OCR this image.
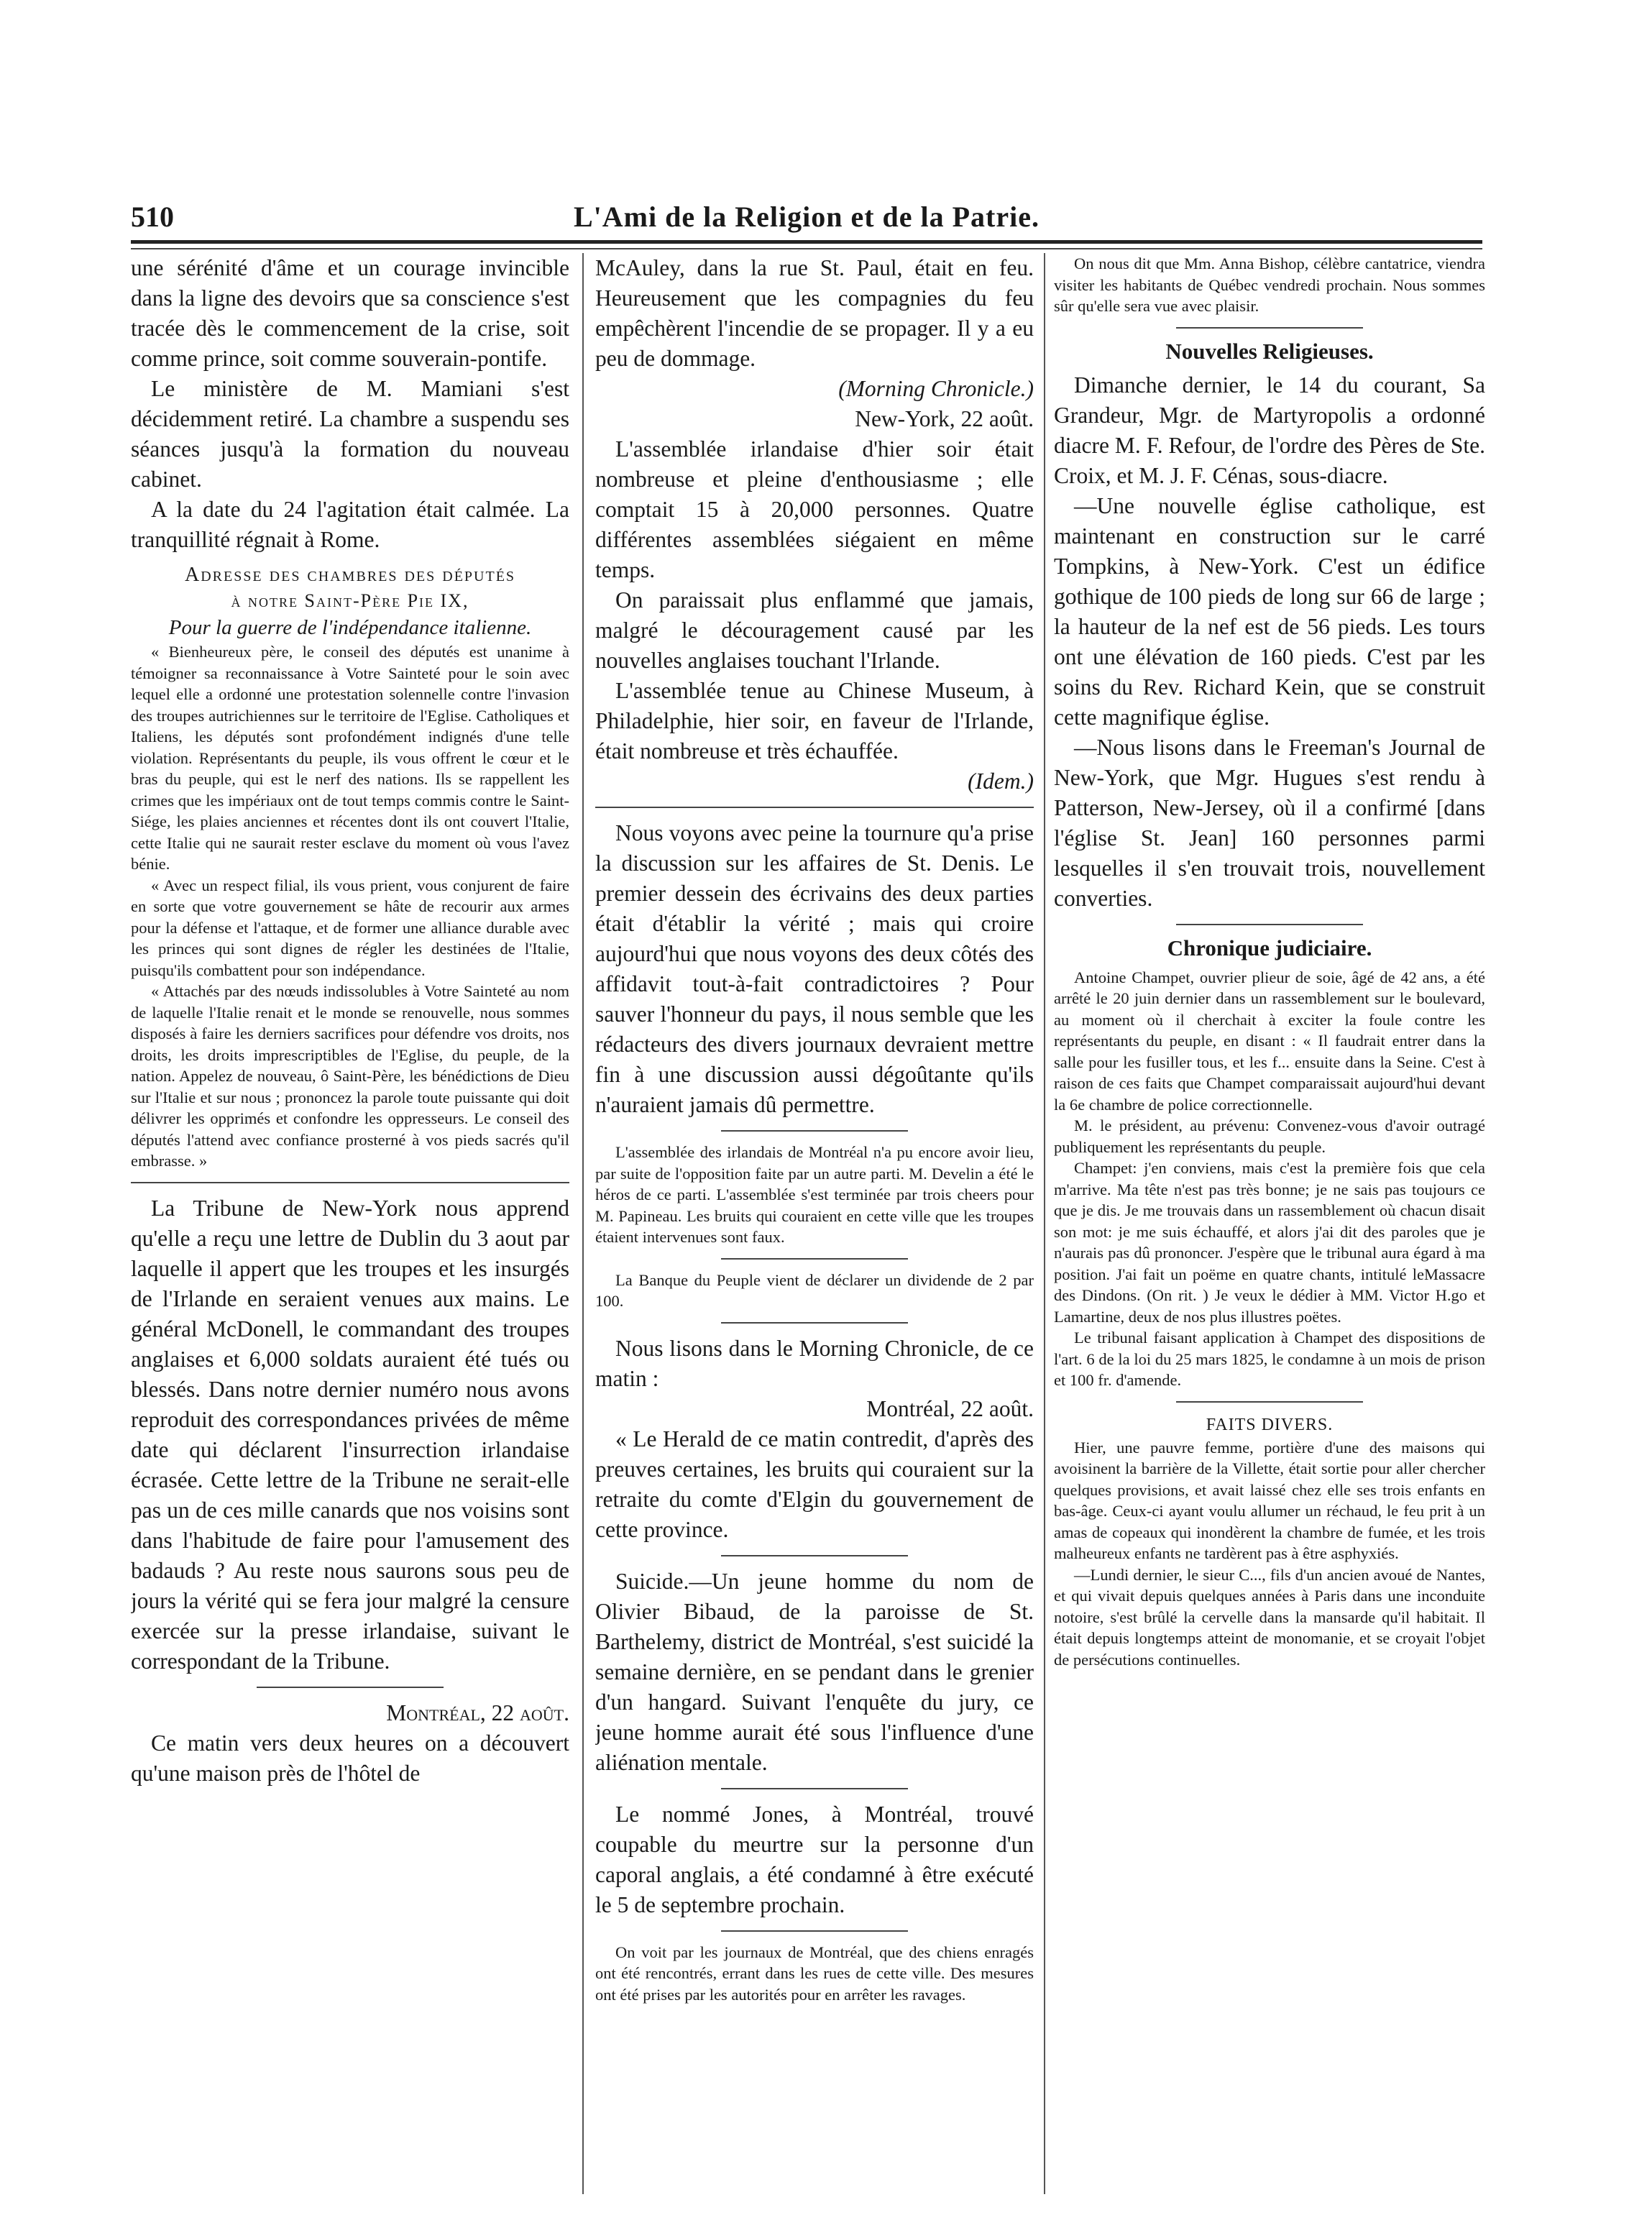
510	L'Ami de la Religion et de la Patrie.

une sérénité d'âme et un courage invincible dans la ligne des devoirs que sa conscience s'est tracée dès le commencement de la crise, soit comme prince, soit comme souverain-pontife.

Le ministère de M. Mamiani s'est décidemment retiré. La chambre a suspendu ses séances jusqu'à la formation du nouveau cabinet.

A la date du 24 l'agitation était calmée. La tranquillité régnait à Rome.

Adresse des chambres des députés

à notre Saint-Père Pie IX,

Pour la guerre de l'indépendance italienne.

« Bienheureux père, le conseil des députés est unanime à témoigner sa reconnaissance à Votre Sainteté pour le soin avec lequel elle a ordonné une protestation solennelle contre l'invasion des troupes autrichiennes sur le territoire de l'Eglise. Catholiques et Italiens, les députés sont profondément indignés d'une telle violation. Représentants du peuple, ils vous offrent le cœur et le bras du peuple, qui est le nerf des nations. Ils se rappellent les crimes que les impériaux ont de tout temps commis contre le Saint-Siége, les plaies anciennes et récentes dont ils ont couvert l'Italie, cette Italie qui ne saurait rester esclave du moment où vous l'avez bénie.

« Avec un respect filial, ils vous prient, vous conjurent de faire en sorte que votre gouvernement se hâte de recourir aux armes pour la défense et l'attaque, et de former une alliance durable avec les princes qui sont dignes de régler les destinées de l'Italie, puisqu'ils combattent pour son indépendance.

« Attachés par des nœuds indissolubles à Votre Sainteté au nom de laquelle l'Italie renait et le monde se renouvelle, nous sommes disposés à faire les derniers sacrifices pour défendre vos droits, nos droits, les droits imprescriptibles de l'Eglise, du peuple, de la nation. Appelez de nouveau, ô Saint-Père, les bénédictions de Dieu sur l'Italie et sur nous ; prononcez la parole toute puissante qui doit délivrer les opprimés et confondre les oppresseurs. Le conseil des députés l'attend avec confiance prosterné à vos pieds sacrés qu'il embrasse. »

La Tribune de New-York nous apprend qu'elle a reçu une lettre de Dublin du 3 aout par laquelle il appert que les troupes et les insurgés de l'Irlande en seraient venues aux mains. Le général McDonell, le commandant des troupes anglaises et 6,000 soldats auraient été tués ou blessés. Dans notre dernier numéro nous avons reproduit des correspondances privées de même date qui déclarent l'insurrection irlandaise écrasée. Cette lettre de la Tribune ne serait-elle pas un de ces mille canards que nos voisins sont dans l'habitude de faire pour l'amusement des badauds ? Au reste nous saurons sous peu de jours la vérité qui se fera jour malgré la censure exercée sur la presse irlandaise, suivant le correspondant de la Tribune.

Montréal, 22 août.

Ce matin vers deux heures on a découvert qu'une maison près de l'hôtel de

McAuley, dans la rue St. Paul, était en feu. Heureusement que les compagnies du feu empêchèrent l'incendie de se propager. Il y a eu peu de dommage.

(Morning Chronicle.)

New-York, 22 août.

L'assemblée irlandaise d'hier soir était nombreuse et pleine d'enthousiasme ; elle comptait 15 à 20,000 personnes. Quatre différentes assemblées siégaient en même temps.

On paraissait plus enflammé que jamais, malgré le découragement causé par les nouvelles anglaises touchant l'Irlande.

L'assemblée tenue au Chinese Museum, à Philadelphie, hier soir, en faveur de l'Irlande, était nombreuse et très échauffée.

(Idem.)

Nous voyons avec peine la tournure qu'a prise la discussion sur les affaires de St. Denis. Le premier dessein des écrivains des deux parties était d'établir la vérité ; mais qui croire aujourd'hui que nous voyons des deux côtés des affidavit tout-à-fait contradictoires ? Pour sauver l'honneur du pays, il nous semble que les rédacteurs des divers journaux devraient mettre fin à une discussion aussi dégoûtante qu'ils n'auraient jamais dû permettre.

L'assemblée des irlandais de Montréal n'a pu encore avoir lieu, par suite de l'opposition faite par un autre parti. M. Develin a été le héros de ce parti. L'assemblée s'est terminée par trois cheers pour M. Papineau. Les bruits qui couraient en cette ville que les troupes étaient intervenues sont faux.

La Banque du Peuple vient de déclarer un dividende de 2 par 100.

Nous lisons dans le Morning Chronicle, de ce matin :

Montréal, 22 août.

« Le Herald de ce matin contredit, d'après des preuves certaines, les bruits qui couraient sur la retraite du comte d'Elgin du gouvernement de cette province.

Suicide.—Un jeune homme du nom de Olivier Bibaud, de la paroisse de St. Barthelemy, district de Montréal, s'est suicidé la semaine dernière, en se pendant dans le grenier d'un hangard. Suivant l'enquête du jury, ce jeune homme aurait été sous l'influence d'une aliénation mentale.

Le nommé Jones, à Montréal, trouvé coupable du meurtre sur la personne d'un caporal anglais, a été condamné à être exécuté le 5 de septembre prochain.

On voit par les journaux de Montréal, que des chiens enragés ont été rencontrés, errant dans les rues de cette ville. Des mesures ont été prises par les autorités pour en arrêter les ravages.

On nous dit que Mm. Anna Bishop, célèbre cantatrice, viendra visiter les habitants de Québec vendredi prochain. Nous sommes sûr qu'elle sera vue avec plaisir.

Nouvelles Religieuses.

Dimanche dernier, le 14 du courant, Sa Grandeur, Mgr. de Martyropolis a ordonné diacre M. F. Refour, de l'ordre des Pères de Ste. Croix, et M. J. F. Cénas, sous-diacre.

—Une nouvelle église catholique, est maintenant en construction sur le carré Tompkins, à New-York. C'est un édifice gothique de 100 pieds de long sur 66 de large ; la hauteur de la nef est de 56 pieds. Les tours ont une élévation de 160 pieds. C'est par les soins du Rev. Richard Kein, que se construit cette magnifique église.

—Nous lisons dans le Freeman's Journal de New-York, que Mgr. Hugues s'est rendu à Patterson, New-Jersey, où il a confirmé [dans l'église St. Jean] 160 personnes parmi lesquelles il s'en trouvait trois, nouvellement converties.

Chronique judiciaire.

Antoine Champet, ouvrier plieur de soie, âgé de 42 ans, a été arrêté le 20 juin dernier dans un rassemblement sur le boulevard, au moment où il cherchait à exciter la foule contre les représentants du peuple, en disant : « Il faudrait entrer dans la salle pour les fusiller tous, et les f... ensuite dans la Seine. C'est à raison de ces faits que Champet comparaissait aujourd'hui devant la 6e chambre de police correctionnelle.

M. le président, au prévenu: Convenez-vous d'avoir outragé publiquement les représentants du peuple.

Champet: j'en conviens, mais c'est la première fois que cela m'arrive. Ma tête n'est pas très bonne; je ne sais pas toujours ce que je dis. Je me trouvais dans un rassemblement où chacun disait son mot: je me suis échauffé, et alors j'ai dit des paroles que je n'aurais pas dû prononcer. J'espère que le tribunal aura égard à ma position. J'ai fait un poëme en quatre chants, intitulé leMassacre des Dindons. (On rit. ) Je veux le dédier à MM. Victor H.go et Lamartine, deux de nos plus illustres poëtes.

Le tribunal faisant application à Champet des dispositions de l'art. 6 de la loi du 25 mars 1825, le condamne à un mois de prison et 100 fr. d'amende.

FAITS DIVERS.

Hier, une pauvre femme, portière d'une des maisons qui avoisinent la barrière de la Villette, était sortie pour aller chercher quelques provisions, et avait laissé chez elle ses trois enfants en bas-âge. Ceux-ci ayant voulu allumer un réchaud, le feu prit à un amas de copeaux qui inondèrent la chambre de fumée, et les trois malheureux enfants ne tardèrent pas à être asphyxiés.

—Lundi dernier, le sieur C..., fils d'un ancien avoué de Nantes, et qui vivait depuis quelques années à Paris dans une inconduite notoire, s'est brûlé la cervelle dans la mansarde qu'il habitait. Il était depuis longtemps atteint de monomanie, et se croyait l'objet de persécutions continuelles.
